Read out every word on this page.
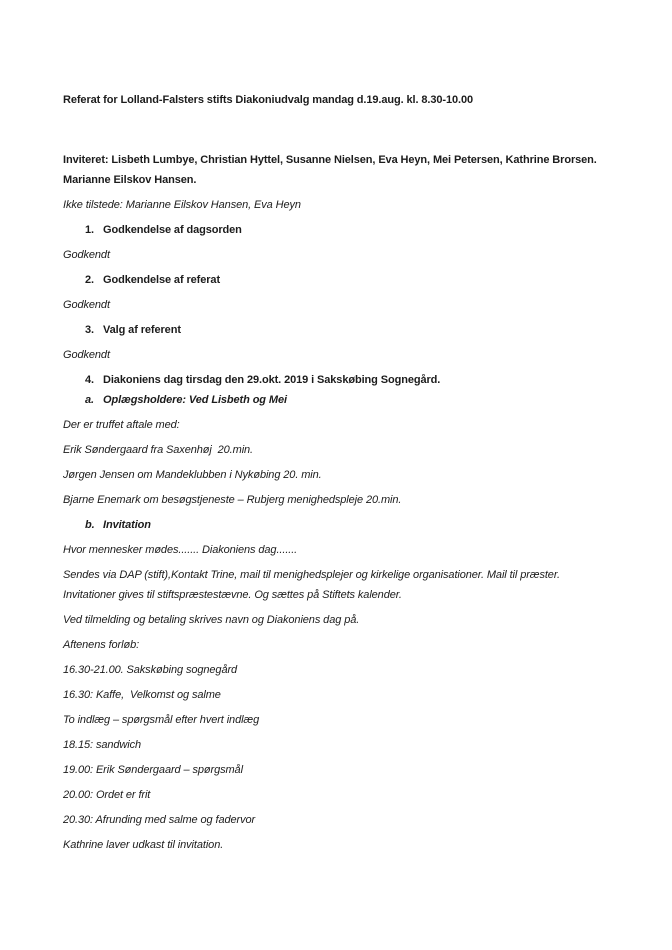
Referat for Lolland-Falsters stifts Diakoniudvalg mandag d.19.aug. kl. 8.30-10.00
Inviteret: Lisbeth Lumbye, Christian Hyttel, Susanne Nielsen, Eva Heyn, Mei Petersen, Kathrine Brorsen.
Marianne Eilskov Hansen.
Ikke tilstede: Marianne Eilskov Hansen, Eva Heyn
1. Godkendelse af dagsorden
Godkendt
2. Godkendelse af referat
Godkendt
3. Valg af referent
Godkendt
4. Diakoniens dag tirsdag den 29.okt. 2019 i Sakskøbing Sognegård.
a. Oplægsholdere: Ved Lisbeth og Mei
Der er truffet aftale med:
Erik Søndergaard fra Saxenhøj  20.min.
Jørgen Jensen om Mandeklubben i Nykøbing 20. min.
Bjarne Enemark om besøgstjeneste – Rubjerg menighedspleje 20.min.
b. Invitation
Hvor mennesker mødes....... Diakoniens dag.......
Sendes via DAP (stift),Kontakt Trine, mail til menighedsplejer og kirkelige organisationer. Mail til præster.
Invitationer gives til stiftspræstestævne. Og sættes på Stiftets kalender.
Ved tilmelding og betaling skrives navn og Diakoniens dag på.
Aftenens forløb:
16.30-21.00. Sakskøbing sognegård
16.30: Kaffe,  Velkomst og salme
To indlæg – spørgsmål efter hvert indlæg
18.15: sandwich
19.00: Erik Søndergaard – spørgsmål
20.00: Ordet er frit
20.30: Afrunding med salme og fadervor
Kathrine laver udkast til invitation.
